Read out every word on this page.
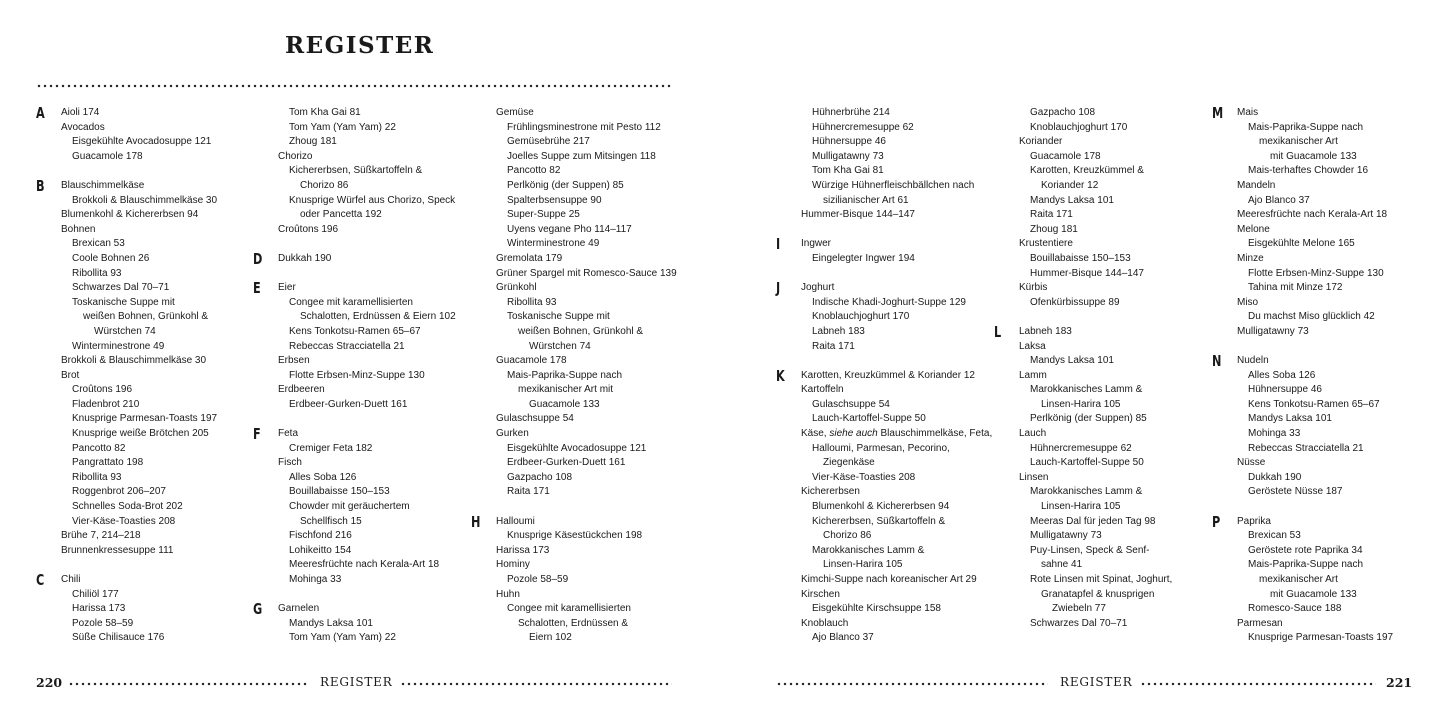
REGISTER
A Aioli 174
Avocados
Eisgekühlte Avocadosuppe 121
Guacamole 178
B Blauschimmelkäse
Brokkoli & Blauschimmelkäse 30
Blumenkohl & Kichererbsen 94
Bohnen
Brexican 53
Coole Bohnen 26
Ribollita 93
Schwarzes Dal 70–71
Toskanische Suppe mit
weißen Bohnen, Grünkohl &
Würstchen 74
Winterminestrone 49
Brokkoli & Blauschimmelkäse 30
Brot
Croûtons 196
Fladenbrot 210
Knusprige Parmesan-Toasts 197
Knusprige weiße Brötchen 205
Pancotto 82
Pangrattato 198
Ribollita 93
Roggenbrot 206–207
Schnelles Soda-Brot 202
Vier-Käse-Toasties 208
Brühe 7, 214–218
Brunnenkressesuppe 111
C Chili
Chiliöl 177
Harissa 173
Pozole 58–59
Süße Chilisauce 176
Tom Kha Gai 81
Tom Yam (Yam Yam) 22
Zhoug 181
Chorizo
Kichererbsen, Süßkartoffeln &
Chorizo 86
Knusprige Würfel aus Chorizo, Speck
oder Pancetta 192
Croûtons 196
D Dukkah 190
E Eier
Congee mit karamellisierten
Schalotten, Erdnüssen & Eiern 102
Kens Tonkotsu-Ramen 65–67
Rebeccas Stracciatella 21
Erbsen
Flotte Erbsen-Minz-Suppe 130
Erdbeeren
Erdbeer-Gurken-Duett 161
F Feta
Cremiger Feta 182
Fisch
Alles Soba 126
Bouillabaisse 150–153
Chowder mit geräuchertem
Schellfisch 15
Fischfond 216
Lohikeitto 154
Meeresfrüchte nach Kerala-Art 18
Mohinga 33
G Garnelen
Mandys Laksa 101
Tom Yam (Yam Yam) 22
Gemüse
Frühlingsminestrone mit Pesto 112
Gemüsebrühe 217
Joelles Suppe zum Mitsingen 118
Pancotto 82
Perlkönig (der Suppen) 85
Spalterbsensuppe 90
Super-Suppe 25
Uyens vegane Pho 114–117
Winterminestrone 49
Gremolata 179
Grüner Spargel mit Romesco-Sauce 139
Grünkohl
Ribollita 93
Toskanische Suppe mit
weißen Bohnen, Grünkohl &
Würstchen 74
Guacamole 178
Mais-Paprika-Suppe nach
mexikanischer Art mit
Guacamole 133
Gulaschsuppe 54
Gurken
Eisgekühlte Avocadosuppe 121
Erdbeer-Gurken-Duett 161
Gazpacho 108
Raita 171
H Halloumi
Knusprige Käsestückchen 198
Harissa 173
Hominy
Pozole 58–59
Huhn
Congee mit karamellisierten
Schalotten, Erdnüssen &
Eiern 102
Hühnerbrühe 214
Hühnercremesuppe 62
Hühnersuppe 46
Mulligatawny 73
Tom Kha Gai 81
Würzige Hühnerfleischbällchen nach
sizilianischer Art 61
Hummer-Bisque 144–147
I Ingwer
Eingelegter Ingwer 194
J Joghurt
Indische Khadi-Joghurt-Suppe 129
Knoblauchjoghurt 170
Labneh 183
Raita 171
K Karotten, Kreuzkümmel & Koriander 12
Kartoffeln
Gulaschsuppe 54
Lauch-Kartoffel-Suppe 50
Käse, siehe auch Blauschimmelkäse, Feta,
Halloumi, Parmesan, Pecorino,
Ziegenkäse
Vier-Käse-Toasties 208
Kichererbsen
Blumenkohl & Kichererbsen 94
Kichererbsen, Süßkartoffeln &
Chorizo 86
Marokkanisches Lamm &
Linsen-Harira 105
Kimchi-Suppe nach koreanischer Art 29
Kirschen
Eisgekühlte Kirschsuppe 158
Knoblauch
Ajo Blanco 37
Gazpacho 108
Knoblauchjoghurt 170
Koriander
Guacamole 178
Karotten, Kreuzkümmel &
Koriander 12
Mandys Laksa 101
Raita 171
Zhoug 181
Krustentiere
Bouillabaisse 150–153
Hummer-Bisque 144–147
Kürbis
Ofenkürbissuppe 89
L Labneh 183
Laksa
Mandys Laksa 101
Lamm
Marokkanisches Lamm &
Linsen-Harira 105
Perlkönig (der Suppen) 85
Lauch
Hühnercremesuppe 62
Lauch-Kartoffel-Suppe 50
Linsen
Marokkanisches Lamm &
Linsen-Harira 105
Meeras Dal für jeden Tag 98
Mulligatawny 73
Puy-Linsen, Speck & Senf-
sahne 41
Rote Linsen mit Spinat, Joghurt,
Granatapfel & knusprigen
Zwiebeln 77
Schwarzes Dal 70–71
M Mais
Mais-Paprika-Suppe nach
mexikanischer Art
mit Guacamole 133
Mais-terhaftes Chowder 16
Mandeln
Ajo Blanco 37
Meeresfrüchte nach Kerala-Art 18
Melone
Eisgekühlte Melone 165
Minze
Flotte Erbsen-Minz-Suppe 130
Tahina mit Minze 172
Miso
Du machst Miso glücklich 42
Mulligatawny 73
N Nudeln
Alles Soba 126
Hühnersuppe 46
Kens Tonkotsu-Ramen 65–67
Mandys Laksa 101
Mohinga 33
Rebeccas Stracciatella 21
Nüsse
Dukkah 190
Geröstete Nüsse 187
P Paprika
Brexican 53
Geröstete rote Paprika 34
Mais-Paprika-Suppe nach
mexikanischer Art
mit Guacamole 133
Romesco-Sauce 188
Parmesan
Knusprige Parmesan-Toasts 197
220	REGISTER	REGISTER	221
